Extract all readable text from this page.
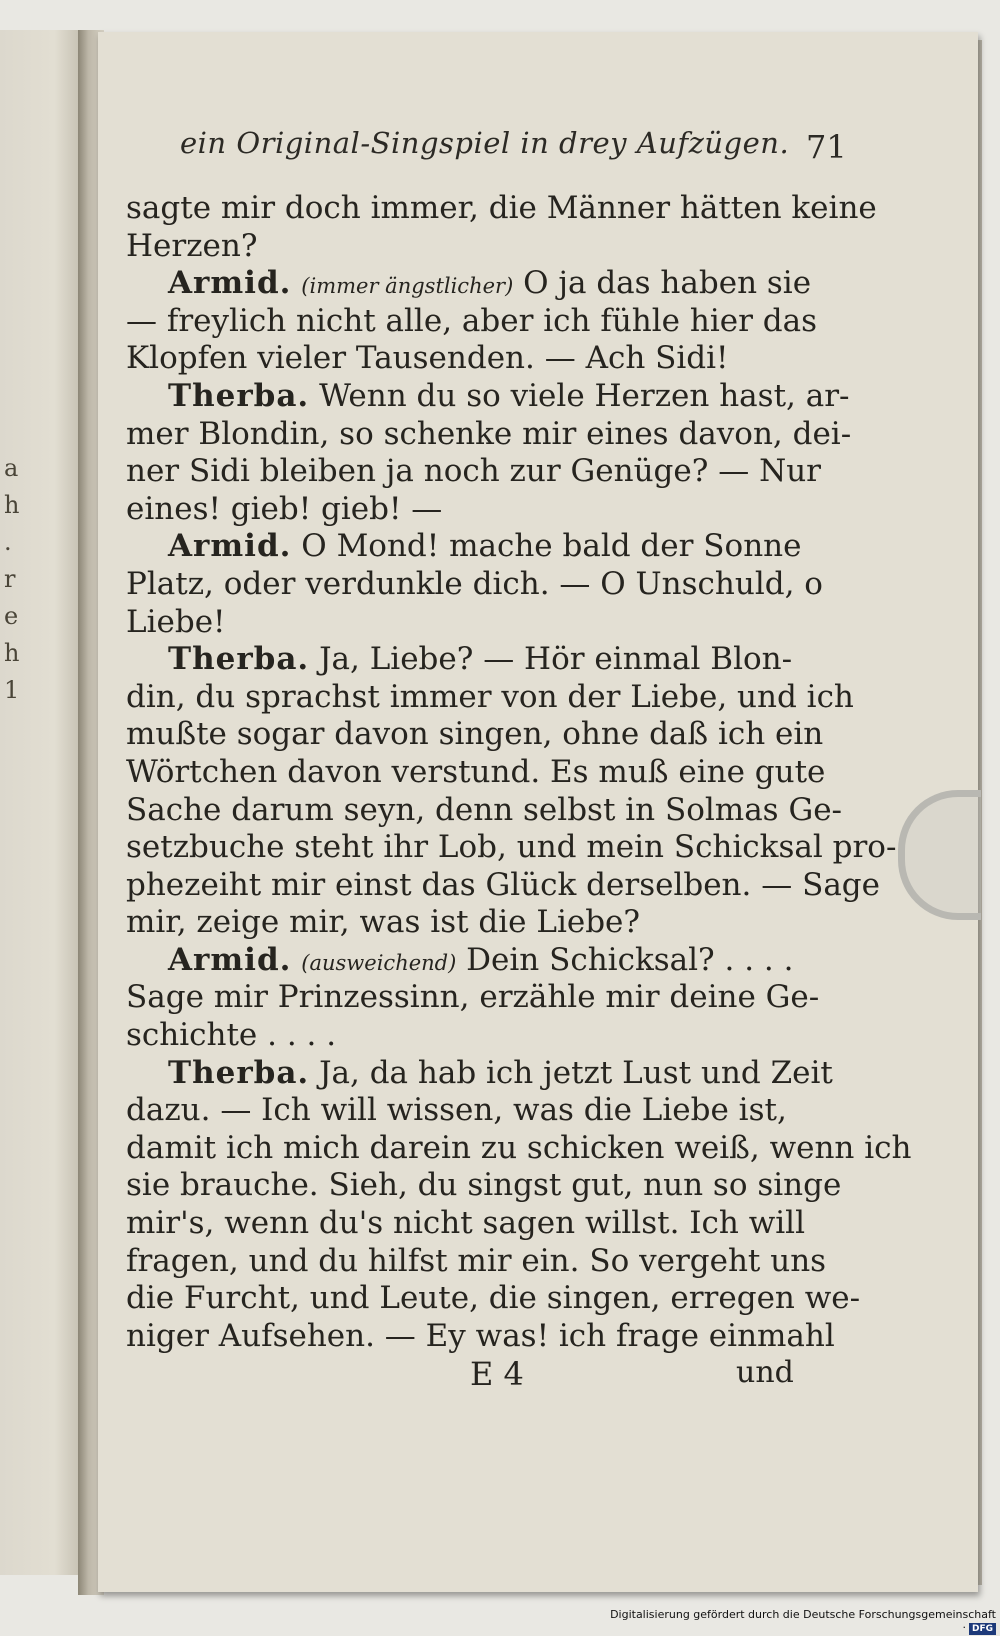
a
h
.
r
e
h
1
ein Original-Singspiel in drey Aufzügen. 71
sagte mir doch immer, die Männer hätten keine
Herzen?
Armid. (immer ängstlicher) O ja das haben sie
— freylich nicht alle, aber ich fühle hier das
Klopfen vieler Tausenden. — Ach Sidi!
Therba. Wenn du so viele Herzen hast, ar-
mer Blondin, so schenke mir eines davon, dei-
ner Sidi bleiben ja noch zur Genüge? — Nur
eines! gieb! gieb! —
Armid. O Mond! mache bald der Sonne
Platz, oder verdunkle dich. — O Unschuld, o
Liebe!
Therba. Ja, Liebe? — Hör einmal Blon-
din, du sprachst immer von der Liebe, und ich
mußte sogar davon singen, ohne daß ich ein
Wörtchen davon verstund. Es muß eine gute
Sache darum seyn, denn selbst in Solmas Ge-
setzbuche steht ihr Lob, und mein Schicksal pro-
phezeiht mir einst das Glück derselben. — Sage
mir, zeige mir, was ist die Liebe?
Armid. (ausweichend) Dein Schicksal? . . . .
Sage mir Prinzessinn, erzähle mir deine Ge-
schichte . . . .
Therba. Ja, da hab ich jetzt Lust und Zeit
dazu. — Ich will wissen, was die Liebe ist,
damit ich mich darein zu schicken weiß, wenn ich
sie brauche. Sieh, du singst gut, nun so singe
mir's, wenn du's nicht sagen willst. Ich will
fragen, und du hilfst mir ein. So vergeht uns
die Furcht, und Leute, die singen, erregen we-
niger Aufsehen. — Ey was! ich frage einmahl
E 4	und
Digitalisierung gefördert durch die Deutsche Forschungsgemeinschaft · DFG
